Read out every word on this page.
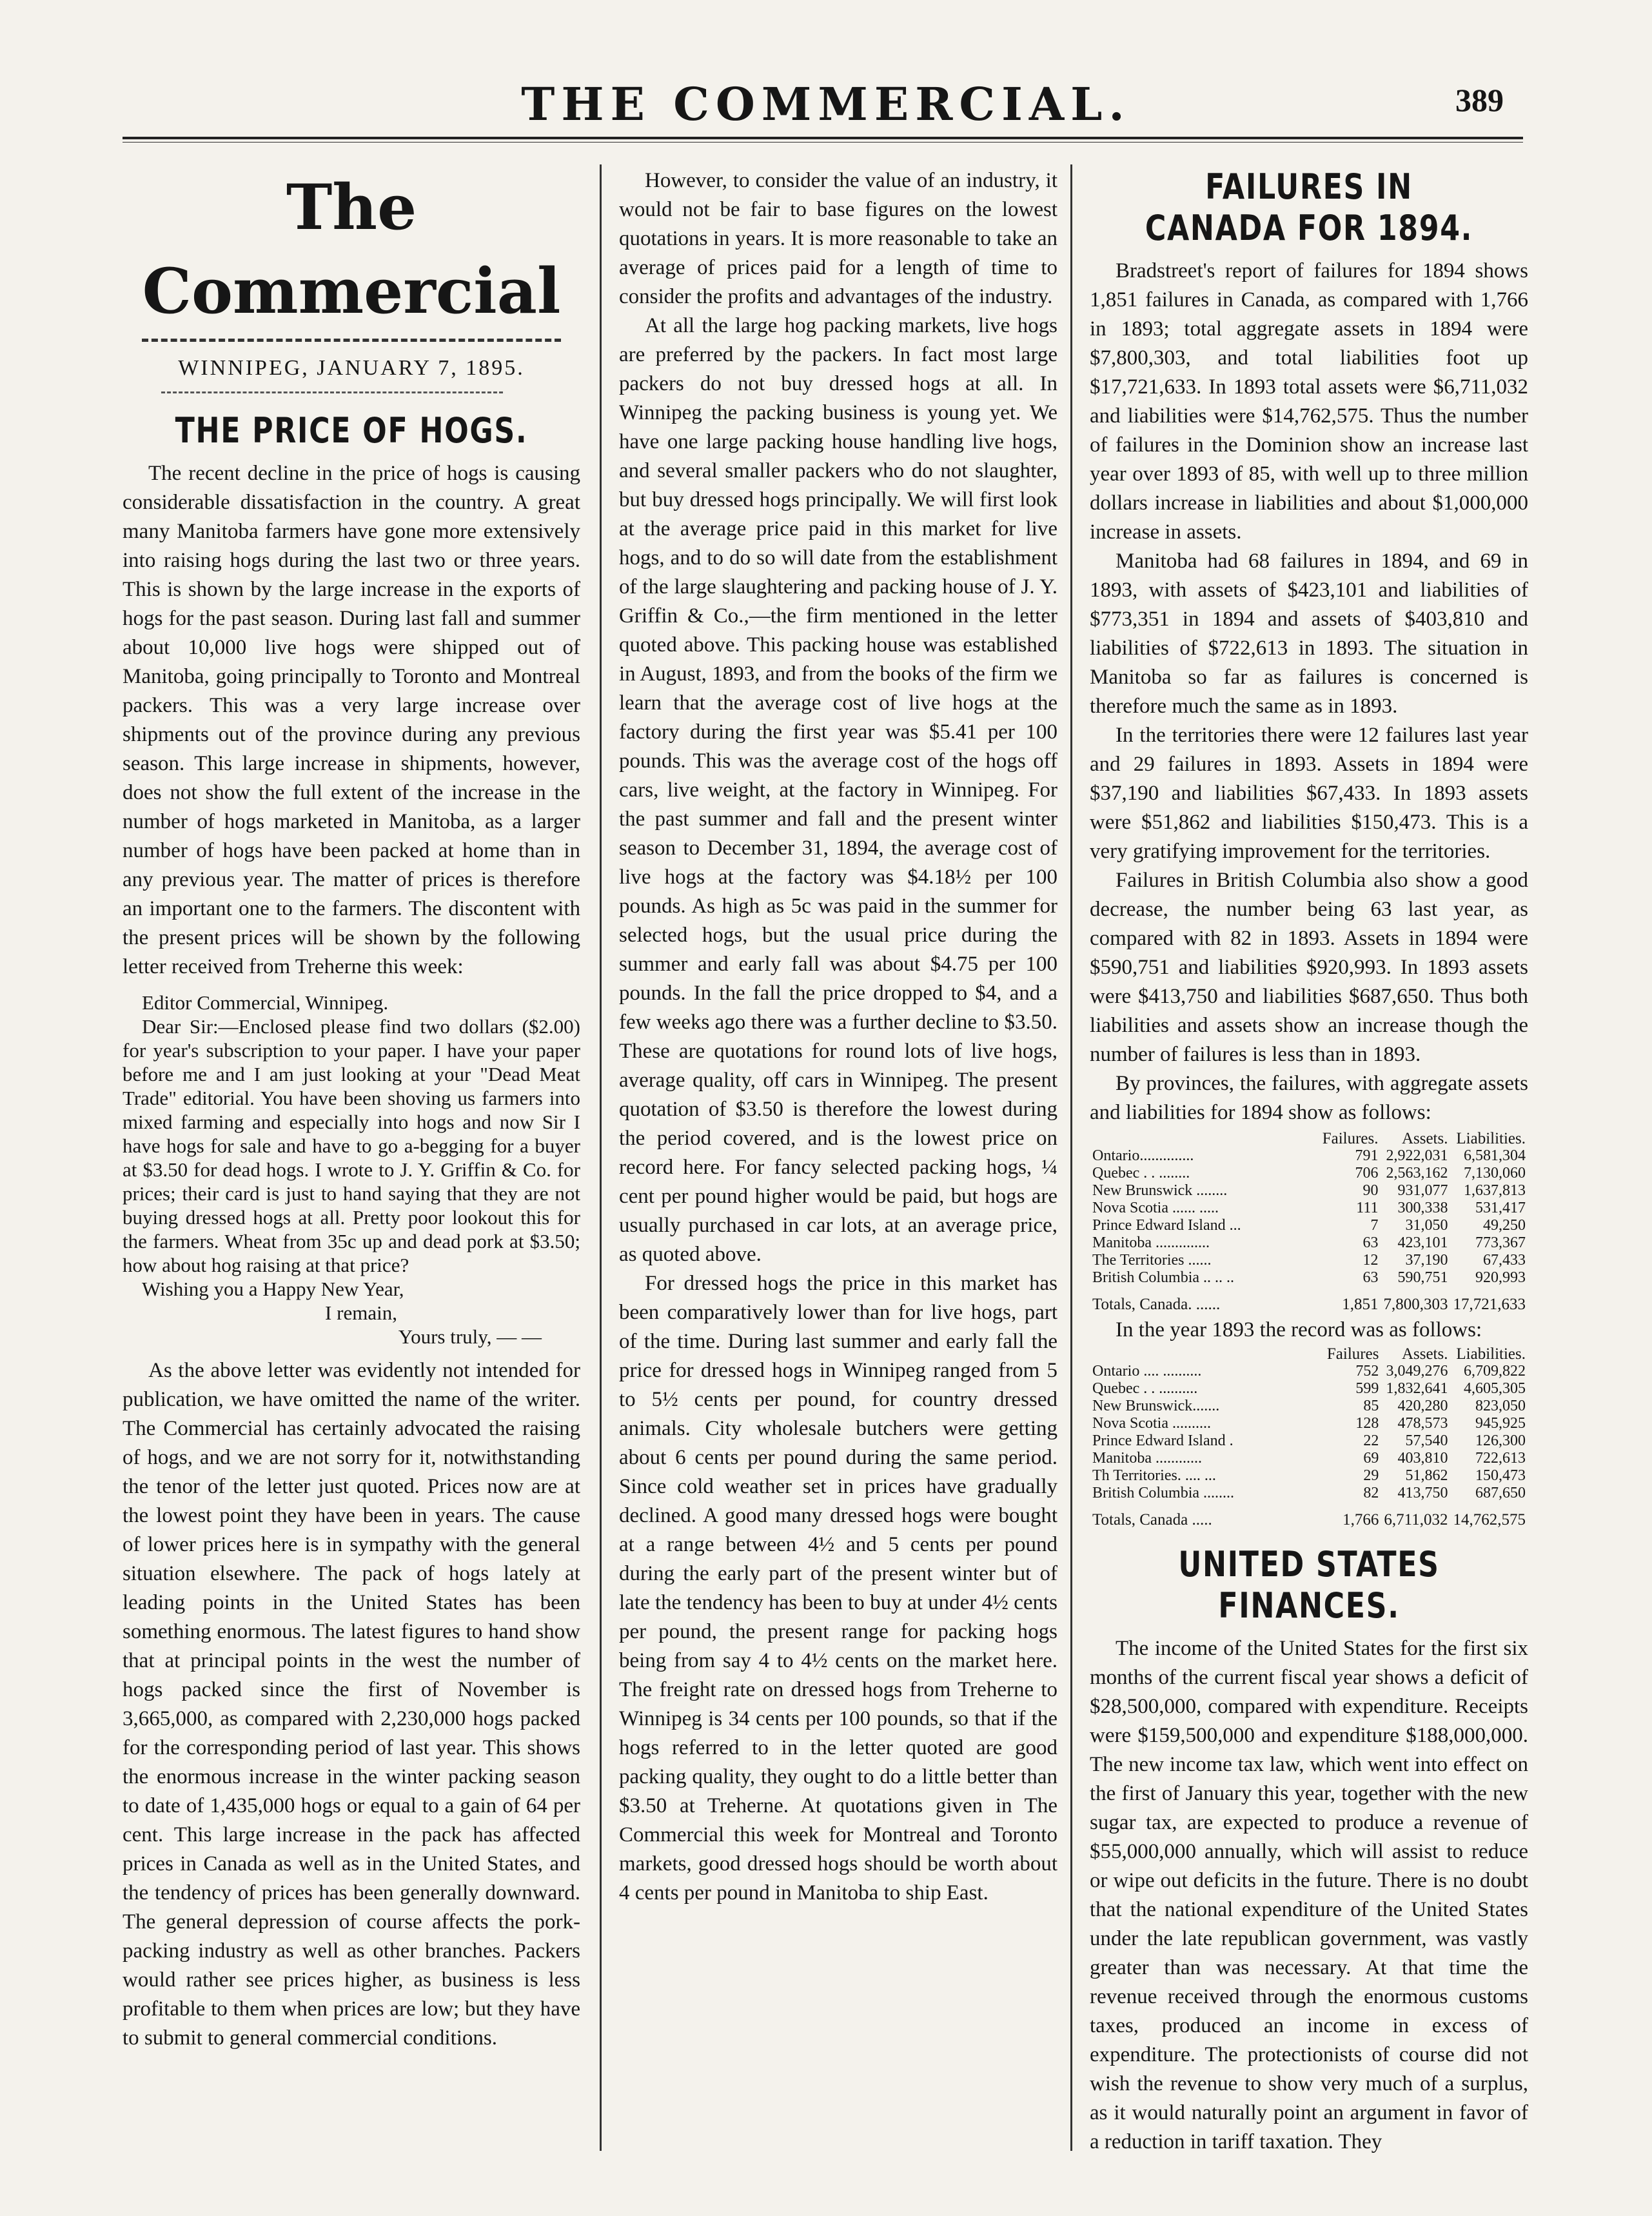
THE COMMERCIAL.	389
The Commercial
WINNIPEG, JANUARY 7, 1895.
THE PRICE OF HOGS.

The recent decline in the price of hogs is causing considerable dissatisfaction in the country. A great many Manitoba farmers have gone more extensively into raising hogs during the last two or three years. This is shown by the large increase in the exports of hogs for the past season. During last fall and summer about 10,000 live hogs were shipped out of Manitoba, going principally to Toronto and Montreal packers. This was a very large increase over shipments out of the province during any previous season. This large increase in shipments, however, does not show the full extent of the increase in the number of hogs marketed in Manitoba, as a larger number of hogs have been packed at home than in any previous year. The matter of prices is therefore an important one to the farmers. The discontent with the present prices will be shown by the following letter received from Treherne this week:

Editor Commercial, Winnipeg.

Dear Sir:—Enclosed please find two dollars ($2.00) for year's subscription to your paper. I have your paper before me and I am just looking at your "Dead Meat Trade" editorial. You have been shoving us farmers into mixed farming and especially into hogs and now Sir I have hogs for sale and have to go a-begging for a buyer at $3.50 for dead hogs. I wrote to J. Y. Griffin & Co. for prices; their card is just to hand saying that they are not buying dressed hogs at all. Pretty poor lookout this for the farmers. Wheat from 35c up and dead pork at $3.50; how about hog raising at that price?

Wishing you a Happy New Year,

I remain,

Yours truly, — —

As the above letter was evidently not intended for publication, we have omitted the name of the writer. The Commercial has certainly advocated the raising of hogs, and we are not sorry for it, notwithstanding the tenor of the letter just quoted. Prices now are at the lowest point they have been in years. The cause of lower prices here is in sympathy with the general situation elsewhere. The pack of hogs lately at leading points in the United States has been something enormous. The latest figures to hand show that at principal points in the west the number of hogs packed since the first of November is 3,665,000, as compared with 2,230,000 hogs packed for the corresponding period of last year. This shows the enormous increase in the winter packing season to date of 1,435,000 hogs or equal to a gain of 64 per cent. This large increase in the pack has affected prices in Canada as well as in the United States, and the tendency of prices has been generally downward. The general depression of course affects the pork-packing industry as well as other branches. Packers would rather see prices higher, as business is less profitable to them when prices are low; but they have to submit to general commercial conditions.

However, to consider the value of an industry, it would not be fair to base figures on the lowest quotations in years. It is more reasonable to take an average of prices paid for a length of time to consider the profits and advantages of the industry.

At all the large hog packing markets, live hogs are preferred by the packers. In fact most large packers do not buy dressed hogs at all. In Winnipeg the packing business is young yet. We have one large packing house handling live hogs, and several smaller packers who do not slaughter, but buy dressed hogs principally. We will first look at the average price paid in this market for live hogs, and to do so will date from the establishment of the large slaughtering and packing house of J. Y. Griffin & Co.,—the firm mentioned in the letter quoted above. This packing house was established in August, 1893, and from the books of the firm we learn that the average cost of live hogs at the factory during the first year was $5.41 per 100 pounds. This was the average cost of the hogs off cars, live weight, at the factory in Winnipeg. For the past summer and fall and the present winter season to December 31, 1894, the average cost of live hogs at the factory was $4.18½ per 100 pounds. As high as 5c was paid in the summer for selected hogs, but the usual price during the summer and early fall was about $4.75 per 100 pounds. In the fall the price dropped to $4, and a few weeks ago there was a further decline to $3.50. These are quotations for round lots of live hogs, average quality, off cars in Winnipeg. The present quotation of $3.50 is therefore the lowest during the period covered, and is the lowest price on record here. For fancy selected packing hogs, ¼ cent per pound higher would be paid, but hogs are usually purchased in car lots, at an average price, as quoted above.

For dressed hogs the price in this market has been comparatively lower than for live hogs, part of the time. During last summer and early fall the price for dressed hogs in Winnipeg ranged from 5 to 5½ cents per pound, for country dressed animals. City wholesale butchers were getting about 6 cents per pound during the same period. Since cold weather set in prices have gradually declined. A good many dressed hogs were bought at a range between 4½ and 5 cents per pound during the early part of the present winter but of late the tendency has been to buy at under 4½ cents per pound, the present range for packing hogs being from say 4 to 4½ cents on the market here. The freight rate on dressed hogs from Treherne to Winnipeg is 34 cents per 100 pounds, so that if the hogs referred to in the letter quoted are good packing quality, they ought to do a little better than $3.50 at Treherne. At quotations given in The Commercial this week for Montreal and Toronto markets, good dressed hogs should be worth about 4 cents per pound in Manitoba to ship East.

FAILURES IN CANADA FOR 1894.

Bradstreet's report of failures for 1894 shows 1,851 failures in Canada, as compared with 1,766 in 1893; total aggregate assets in 1894 were $7,800,303, and total liabilities foot up $17,721,633. In 1893 total assets were $6,711,032 and liabilities were $14,762,575. Thus the number of failures in the Dominion show an increase last year over 1893 of 85, with well up to three million dollars increase in liabilities and about $1,000,000 increase in assets.

Manitoba had 68 failures in 1894, and 69 in 1893, with assets of $423,101 and liabilities of $773,351 in 1894 and assets of $403,810 and liabilities of $722,613 in 1893. The situation in Manitoba so far as failures is concerned is therefore much the same as in 1893.

In the territories there were 12 failures last year and 29 failures in 1893. Assets in 1894 were $37,190 and liabilities $67,433. In 1893 assets were $51,862 and liabilities $150,473. This is a very gratifying improvement for the territories.

Failures in British Columbia also show a good decrease, the number being 63 last year, as compared with 82 in 1893. Assets in 1894 were $590,751 and liabilities $920,993. In 1893 assets were $413,750 and liabilities $687,650. Thus both liabilities and assets show an increase though the number of failures is less than in 1893.

By provinces, the failures, with aggregate assets and liabilities for 1894 show as follows:

	Failures.	Assets.	Liabilities.
Ontario..............	791	2,922,031	6,581,304
Quebec . . ........	706	2,563,162	7,130,060
New Brunswick ........	90	931,077	1,637,813
Nova Scotia ...... .....	111	300,338	531,417
Prince Edward Island ...	7	31,050	49,250
Manitoba ..............	63	423,101	773,367
The Territories ......	12	37,190	67,433
British Columbia .. .. ..	63	590,751	920,993
Totals, Canada. ......	1,851	7,800,303	17,721,633

In the year 1893 the record was as follows:

	Failures	Assets.	Liabilities.
Ontario .... ..........	752	3,049,276	6,709,822
Quebec . . ..........	599	1,832,641	4,605,305
New Brunswick.......	85	420,280	823,050
Nova Scotia ..........	128	478,573	945,925
Prince Edward Island .	22	57,540	126,300
Manitoba ............	69	403,810	722,613
Th Territories. .... ...	29	51,862	150,473
British Columbia ........	82	413,750	687,650
Totals, Canada .....	1,766	6,711,032	14,762,575
UNITED STATES FINANCES.

The income of the United States for the first six months of the current fiscal year shows a deficit of $28,500,000, compared with expenditure. Receipts were $159,500,000 and expenditure $188,000,000. The new income tax law, which went into effect on the first of January this year, together with the new sugar tax, are expected to produce a revenue of $55,000,000 annually, which will assist to reduce or wipe out deficits in the future. There is no doubt that the national expenditure of the United States under the late republican government, was vastly greater than was necessary. At that time the revenue received through the enormous customs taxes, produced an income in excess of expenditure. The protectionists of course did not wish the revenue to show very much of a surplus, as it would naturally point an argument in favor of a reduction in tariff taxation. They
